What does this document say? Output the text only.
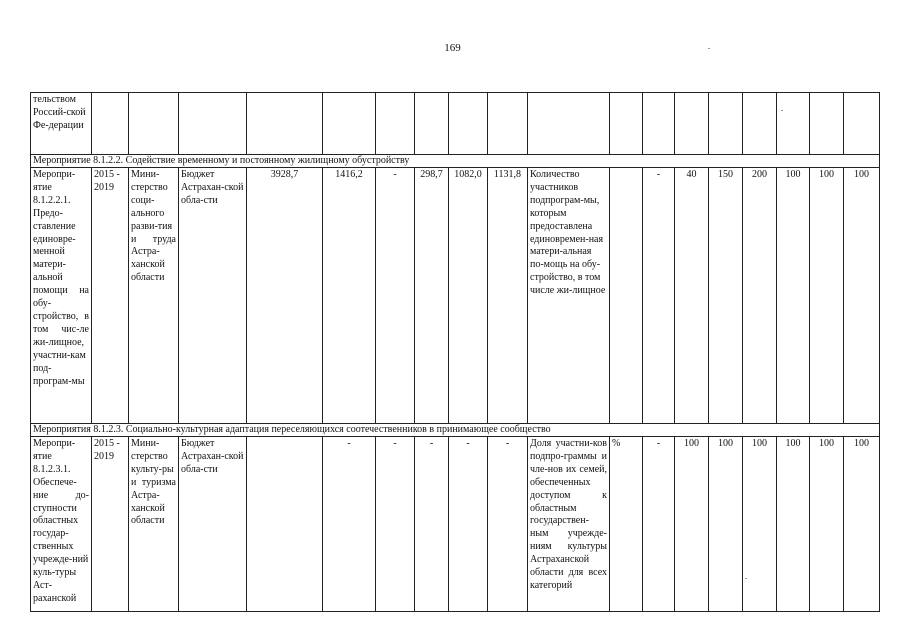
169
тельством Россий-ской Фе-дерации																		
Мероприятие 8.1.2.2. Содействие временному и постоянному жилищному обустройству																		
Меропри-ятие 8.1.2.2.1. Предо-ставление единовре-менной матери-альной помощи на обу-стройство, в том чис-ле жи-лищное, участни-кам под-програм-мы	2015 - 2019	Мини-стерство соци-ального разви-тия и труда Астра-ханской области	Бюджет Астрахан-ской обла-сти	3928,7	1416,2	-	298,7	1082,0	1131,8	Количество участников подпрограм-мы, которым предоставлена единовремен-ная матери-альная по-мощь на обу-стройство, в том числе жи-лищное		-	40	150	200	100	100	100
Мероприятия 8.1.2.3. Социально-культурная адаптация переселяющихся соотечественников в принимающее сообщество																		
Меропри-ятие 8.1.2.3.1. Обеспече-ние до-ступности областных государ-ственных учрежде-ний куль-туры Аст-раханской	2015 - 2019	Мини-стерство культу-ры и туризма Астра-ханской области	Бюджет Астрахан-ской обла-сти		-	-	-	-	-	Доля участни-ков подпро-граммы и чле-нов их семей, обеспеченных доступом к областным государствен-ным учрежде-ниям культуры Астраханской области для всех категорий	%	-	100	100	100	100	100	100
